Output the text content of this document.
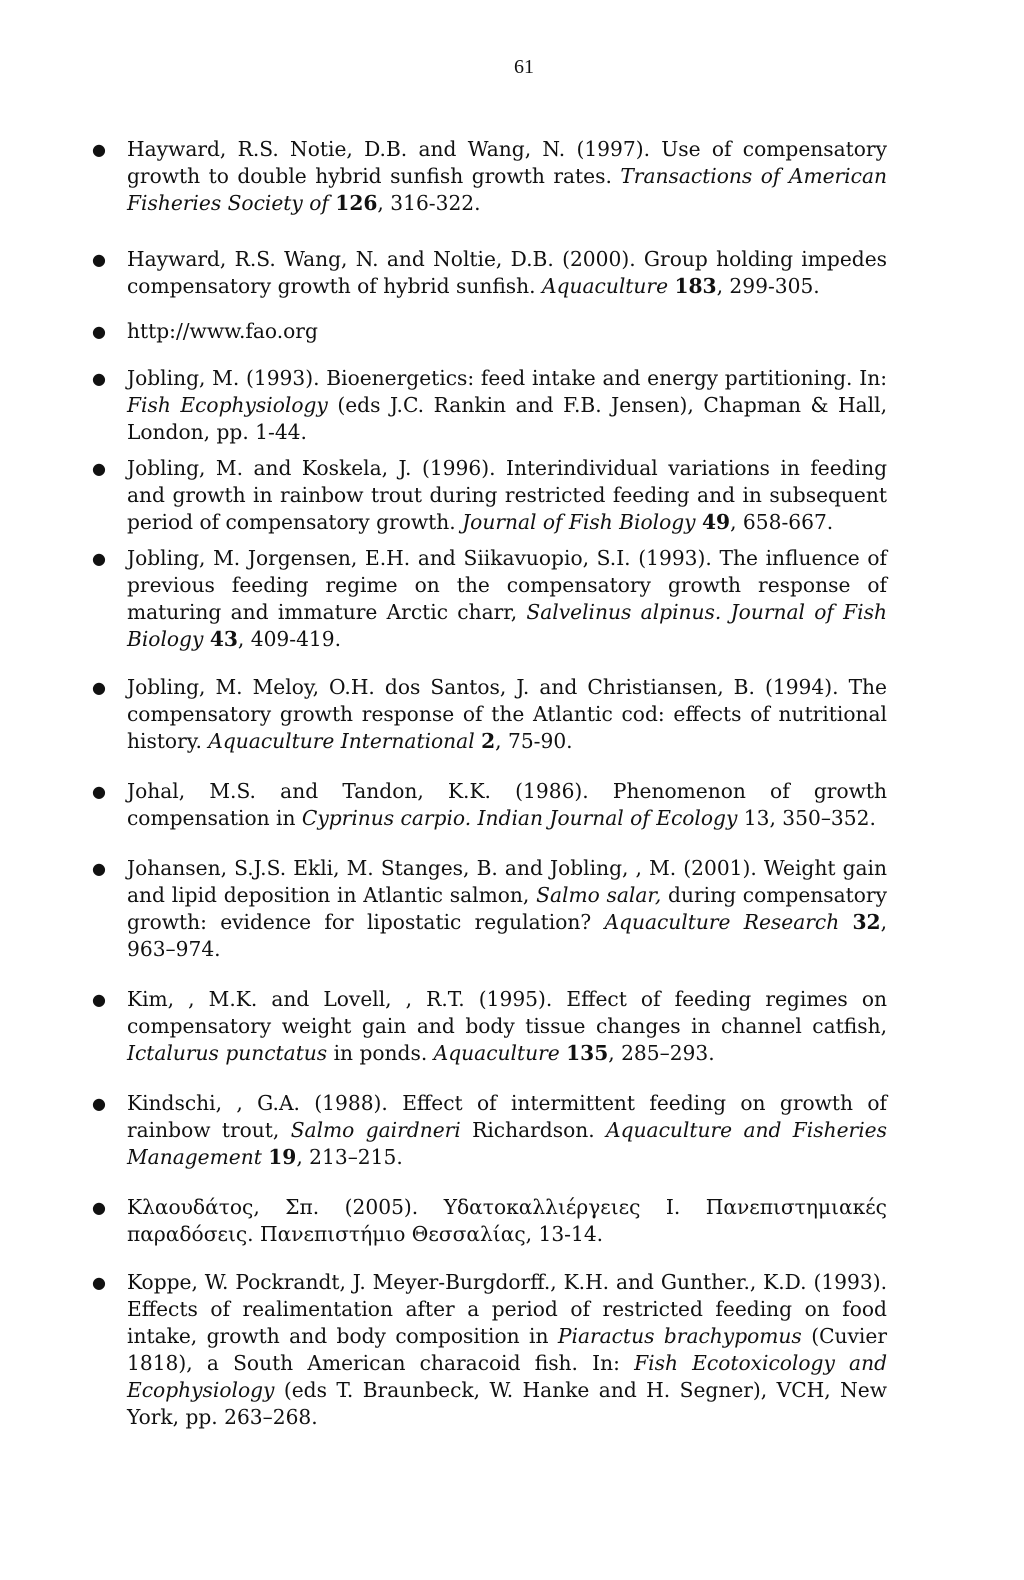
61
● Hayward, R.S. Notie, D.B. and Wang, N. (1997). Use of compensatory growth to double hybrid sunfish growth rates. Transactions of American Fisheries Society of 126, 316-322.
● Hayward, R.S. Wang, N. and Noltie, D.B. (2000). Group holding impedes compensatory growth of hybrid sunfish. Aquaculture 183, 299-305.
● http://www.fao.org
● Jobling, M. (1993). Bioenergetics: feed intake and energy partitioning. In: Fish Ecophysiology (eds J.C. Rankin and F.B. Jensen), Chapman & Hall, London, pp. 1-44.
● Jobling, M. and Koskela, J. (1996). Interindividual variations in feeding and growth in rainbow trout during restricted feeding and in subsequent period of compensatory growth. Journal of Fish Biology 49, 658-667.
● Jobling, M. Jorgensen, E.H. and Siikavuopio, S.I. (1993). The influence of previous feeding regime on the compensatory growth response of maturing and immature Arctic charr, Salvelinus alpinus. Journal of Fish Biology 43, 409-419.
● Jobling, M. Meloy, O.H. dos Santos, J. and Christiansen, B. (1994). The compensatory growth response of the Atlantic cod: effects of nutritional history. Aquaculture International 2, 75-90.
● Johal, M.S. and Tandon, K.K. (1986). Phenomenon of growth compensation in Cyprinus carpio. Indian Journal of Ecology 13, 350–352.
● Johansen, S.J.S. Ekli, M. Stanges, B. and Jobling, , M. (2001). Weight gain and lipid deposition in Atlantic salmon, Salmo salar, during compensatory growth: evidence for lipostatic regulation? Aquaculture Research 32, 963–974.
● Kim, , M.K. and Lovell, , R.T. (1995). Effect of feeding regimes on compensatory weight gain and body tissue changes in channel catfish, Ictalurus punctatus in ponds. Aquaculture 135, 285–293.
● Kindschi, , G.A. (1988). Effect of intermittent feeding on growth of rainbow trout, Salmo gairdneri Richardson. Aquaculture and Fisheries Management 19, 213–215.
● Κλαουδάτος, Σπ. (2005). Υδατοκαλλιέργειες Ι. Πανεπιστημιακές παραδόσεις. Πανεπιστήμιο Θεσσαλίας, 13-14.
● Koppe, W. Pockrandt, J. Meyer-Burgdorff., K.H. and Gunther., K.D. (1993). Effects of realimentation after a period of restricted feeding on food intake, growth and body composition in Piaractus brachypomus (Cuvier 1818), a South American characoid fish. In: Fish Ecotoxicology and Ecophysiology (eds T. Braunbeck, W. Hanke and H. Segner), VCH, New York, pp. 263–268.
